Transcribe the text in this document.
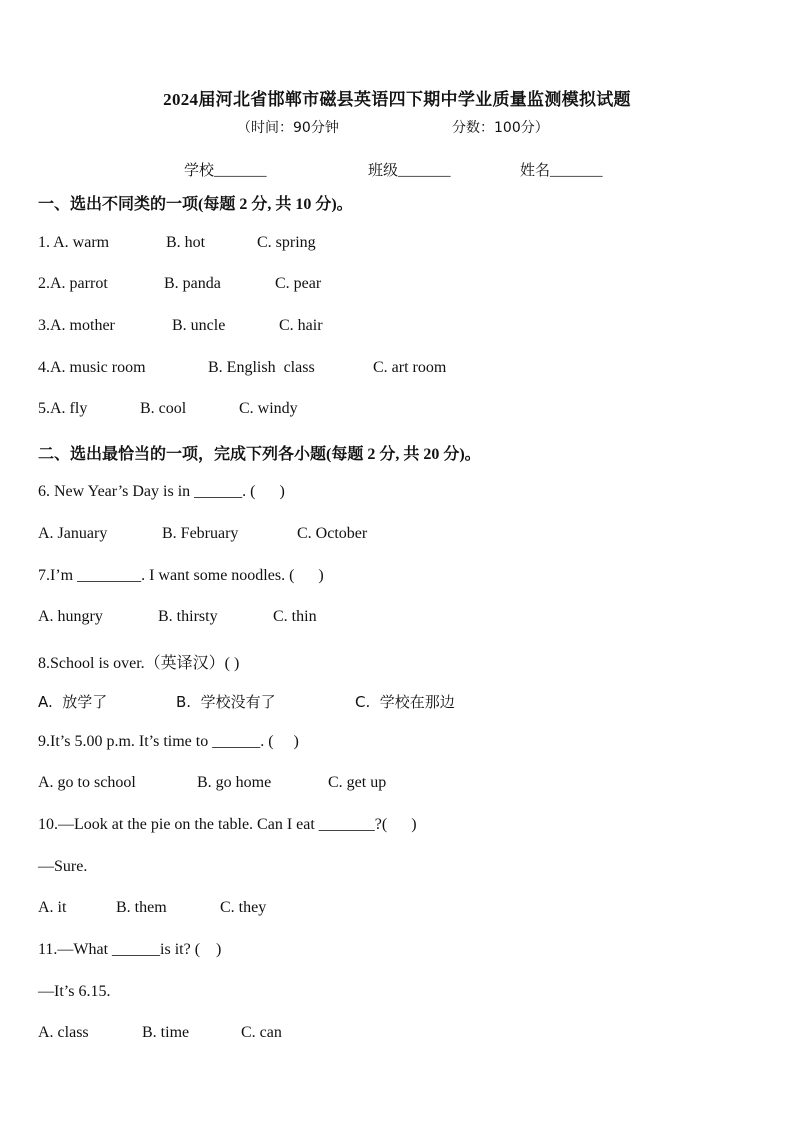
2024届河北省邯郸市磁县英语四下期中学业质量监测模拟试题
（时间：90分钟	分数：100分）
学校_______	班级_______	姓名_______
一、选出不同类的一项(每题 2 分, 共 10 分)。
1. A. warm	B. hot	C. spring
2.A. parrot	B. panda	C. pear
3.A. mother	B. uncle	C. hair
4.A. music room	B. English  class	C. art room
5.A. fly	B. cool	C. windy
二、选出最恰当的一项，完成下列各小题(每题 2 分, 共 20 分)。
6. New Year’s Day is in ______. (      )
A. January	B. February	C. October
7.I’m ________. I want some noodles. (      )
A. hungry	B. thirsty	C. thin
8.School is over.（英译汉）( )
A.  放学了	B.  学校没有了	C.  学校在那边
9.It’s 5.00 p.m. It’s time to ______. (     )
A. go to school	B. go home	C. get up
10.—Look at the pie on the table. Can I eat _______?(      )
—Sure.
A. it	B. them	C. they
11.—What ______is it? (    )
—It’s 6.15.
A. class	B. time	C. can
